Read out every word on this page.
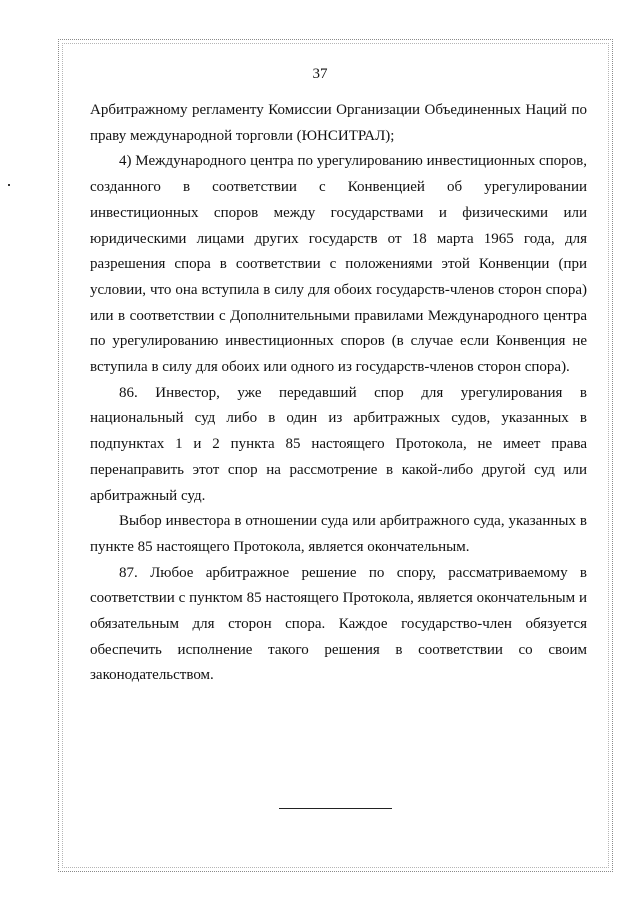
37

Арбитражному регламенту Комиссии Организации Объединенных Наций по праву международной торговли (ЮНСИТРАЛ);

4) Международного центра по урегулированию инвестиционных споров, созданного в соответствии с Конвенцией об урегулировании инвестиционных споров между государствами и физическими или юридическими лицами других государств от 18 марта 1965 года, для разрешения спора в соответствии с положениями этой Конвенции (при условии, что она вступила в силу для обоих государств-членов сторон спора) или в соответствии с Дополнительными правилами Международного центра по урегулированию инвестиционных споров (в случае если Конвенция не вступила в силу для обоих или одного из государств-членов сторон спора).

86. Инвестор, уже передавший спор для урегулирования в национальный суд либо в один из арбитражных судов, указанных в подпунктах 1 и 2 пункта 85 настоящего Протокола, не имеет права перенаправить этот спор на рассмотрение в какой-либо другой суд или арбитражный суд.

Выбор инвестора в отношении суда или арбитражного суда, указанных в пункте 85 настоящего Протокола, является окончательным.

87. Любое арбитражное решение по спору, рассматриваемому в соответствии с пунктом 85 настоящего Протокола, является окончательным и обязательным для сторон спора. Каждое государство-член обязуется обеспечить исполнение такого решения в соответствии со своим законодательством.
